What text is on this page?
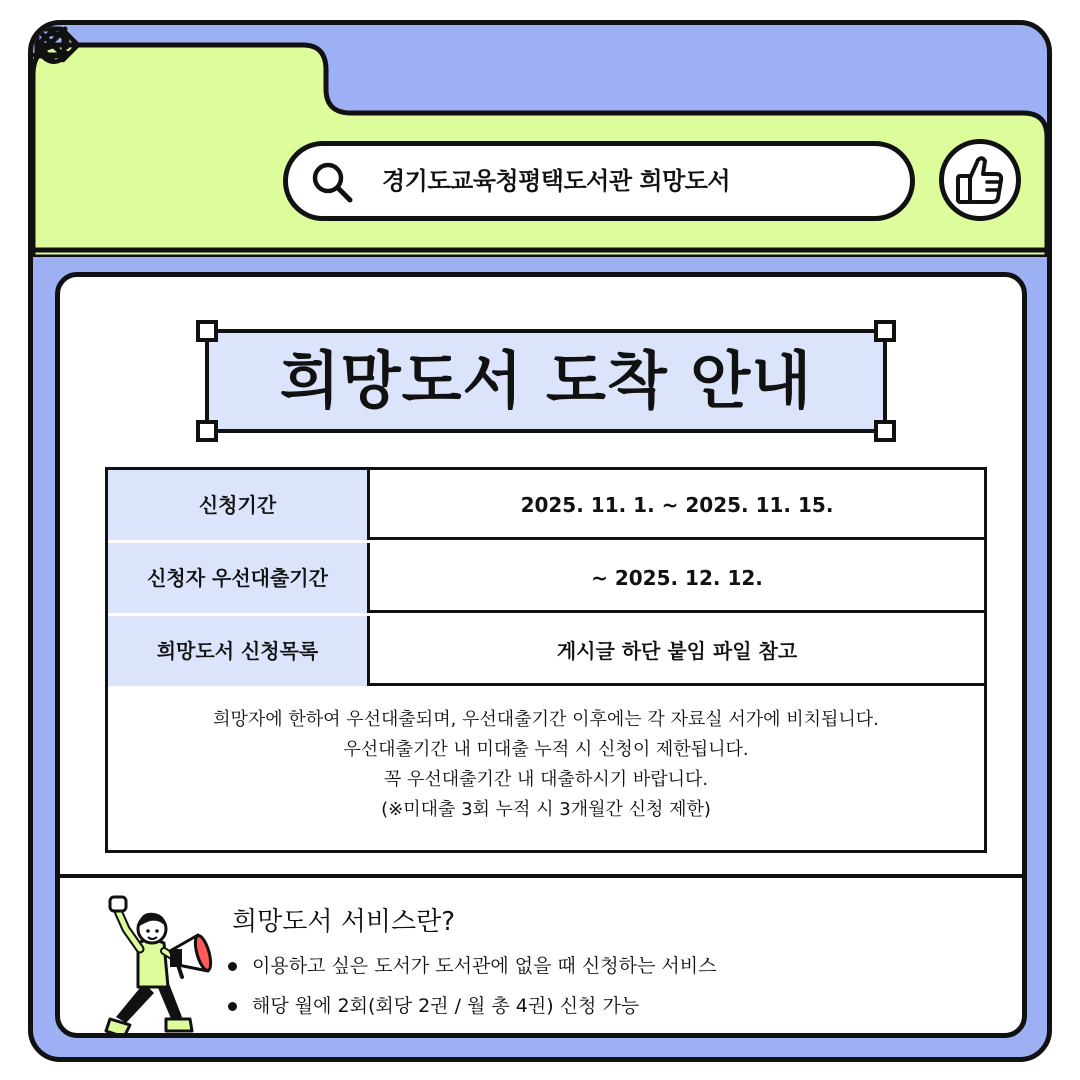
경기도교육청평택도서관 희망도서
희망도서 도착 안내
신청기간	2025. 11. 1. ~ 2025. 11. 15.
신청자 우선대출기간	~ 2025. 12. 12.
희망도서 신청목록	게시글 하단 붙임 파일 참고
희망자에 한하여 우선대출되며, 우선대출기간 이후에는 각 자료실 서가에 비치됩니다.
우선대출기간 내 미대출 누적 시 신청이 제한됩니다.
꼭 우선대출기간 내 대출하시기 바랍니다.
(※미대출 3회 누적 시 3개월간 신청 제한)
희망도서 서비스란?
이용하고 싶은 도서가 도서관에 없을 때 신청하는 서비스
해당 월에 2회(회당 2권 / 월 총 4권) 신청 가능
